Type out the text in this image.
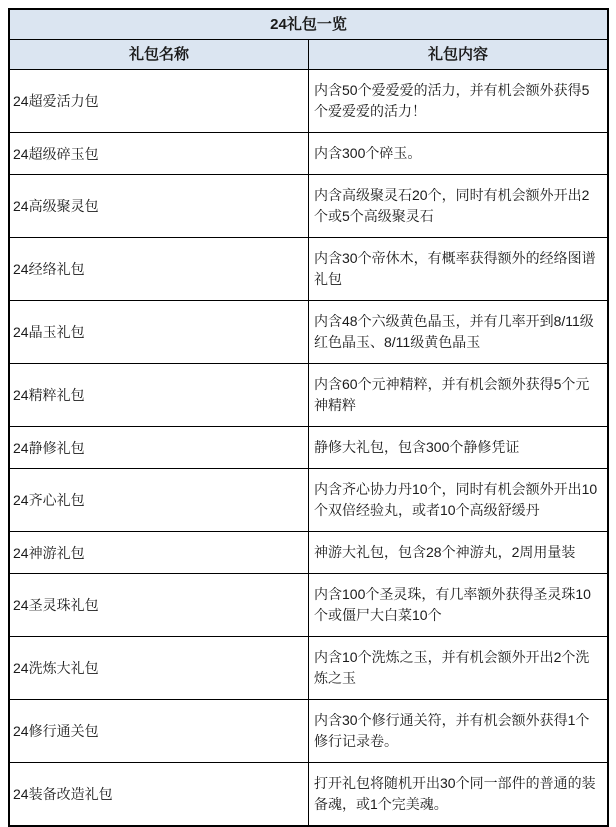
24礼包一览	
礼包名称	礼包内容
24超爱活力包	内含50个爱爱爱的活力，并有机会额外获得5个爱爱爱的活力！
24超级碎玉包	内含300个碎玉。
24高级聚灵包	内含高级聚灵石20个，同时有机会额外开出2个或5个高级聚灵石
24经络礼包	内含30个帝休木，有概率获得额外的经络图谱礼包
24晶玉礼包	内含48个六级黄色晶玉，并有几率开到8/11级红色晶玉、8/11级黄色晶玉
24精粹礼包	内含60个元神精粹，并有机会额外获得5个元神精粹
24静修礼包	静修大礼包，包含300个静修凭证
24齐心礼包	内含齐心协力丹10个，同时有机会额外开出10个双倍经验丸，或者10个高级舒缓丹
24神游礼包	神游大礼包，包含28个神游丸，2周用量装
24圣灵珠礼包	内含100个圣灵珠，有几率额外获得圣灵珠10个或僵尸大白菜10个
24洗炼大礼包	内含10个洗炼之玉，并有机会额外开出2个洗炼之玉
24修行通关包	内含30个修行通关符，并有机会额外获得1个修行记录卷。
24装备改造礼包	打开礼包将随机开出30个同一部件的普通的装备魂，或1个完美魂。
